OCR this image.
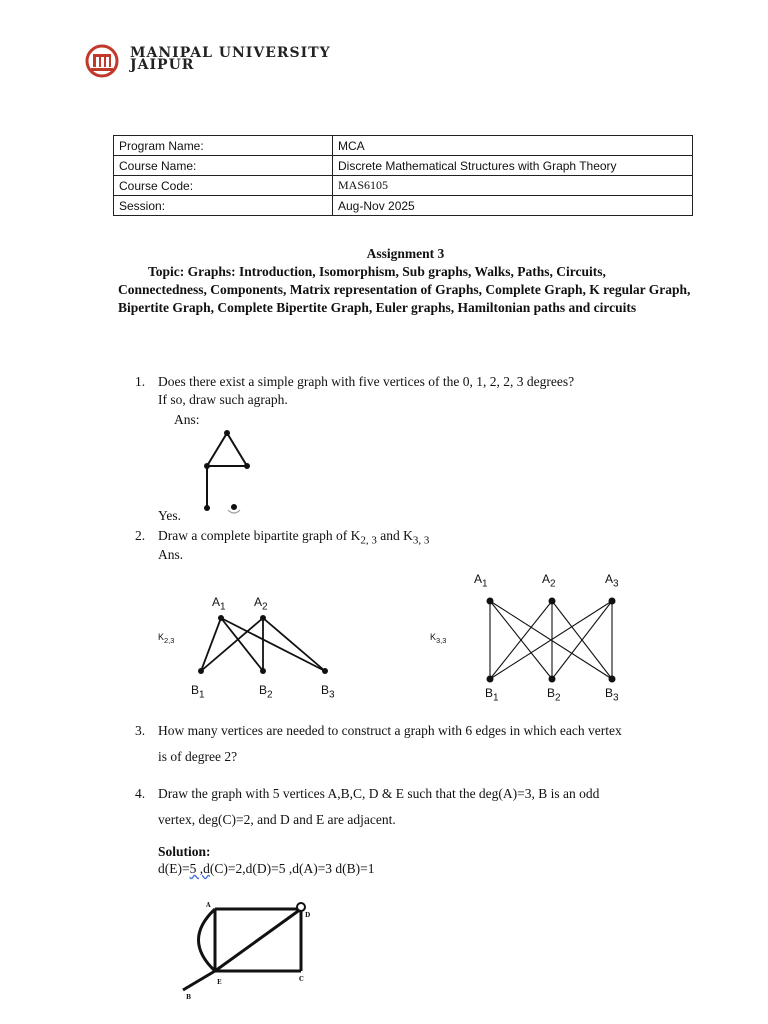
MANIPAL UNIVERSITY
JAIPUR
Program Name:	MCA
Course Name:	Discrete Mathematical Structures with Graph Theory
Course Code:	MAS6105
Session:	Aug-Nov 2025
Assignment 3
Topic: Graphs: Introduction, Isomorphism, Sub graphs, Walks, Paths, Circuits, Connectedness, Components, Matrix representation of Graphs, Complete Graph, K regular Graph, Bipertite Graph, Complete Bipertite Graph, Euler graphs, Hamiltonian paths and circuits
1. Does there exist a simple graph with five vertices of the 0, 1, 2, 2, 3 degrees?
If so, draw such agraph.
Ans:
Yes.
2. Draw a complete bipartite graph of $K_{2, 3}$ and $K_{3, 3}$
Ans.
$K_{2,3}$
$A_1$ $A_2$
$B_1$	$B_2$	$B_3$
$K_{3,3}$
$A_1$	$A_2$	$A_3$
$B_1$	$B_2$	$B_3$
3. How many vertices are needed to construct a graph with 6 edges in which each vertex
is of degree 2?
4. Draw the graph with 5 vertices A,B,C, D & E such that the deg(A)=3, B is an odd
vertex, deg(C)=2, and D and E are adjacent.
Solution:
d(E)=5 ,d(C)=2,d(D)=5 ,d(A)=3 d(B)=1
A
B
C
D
E
